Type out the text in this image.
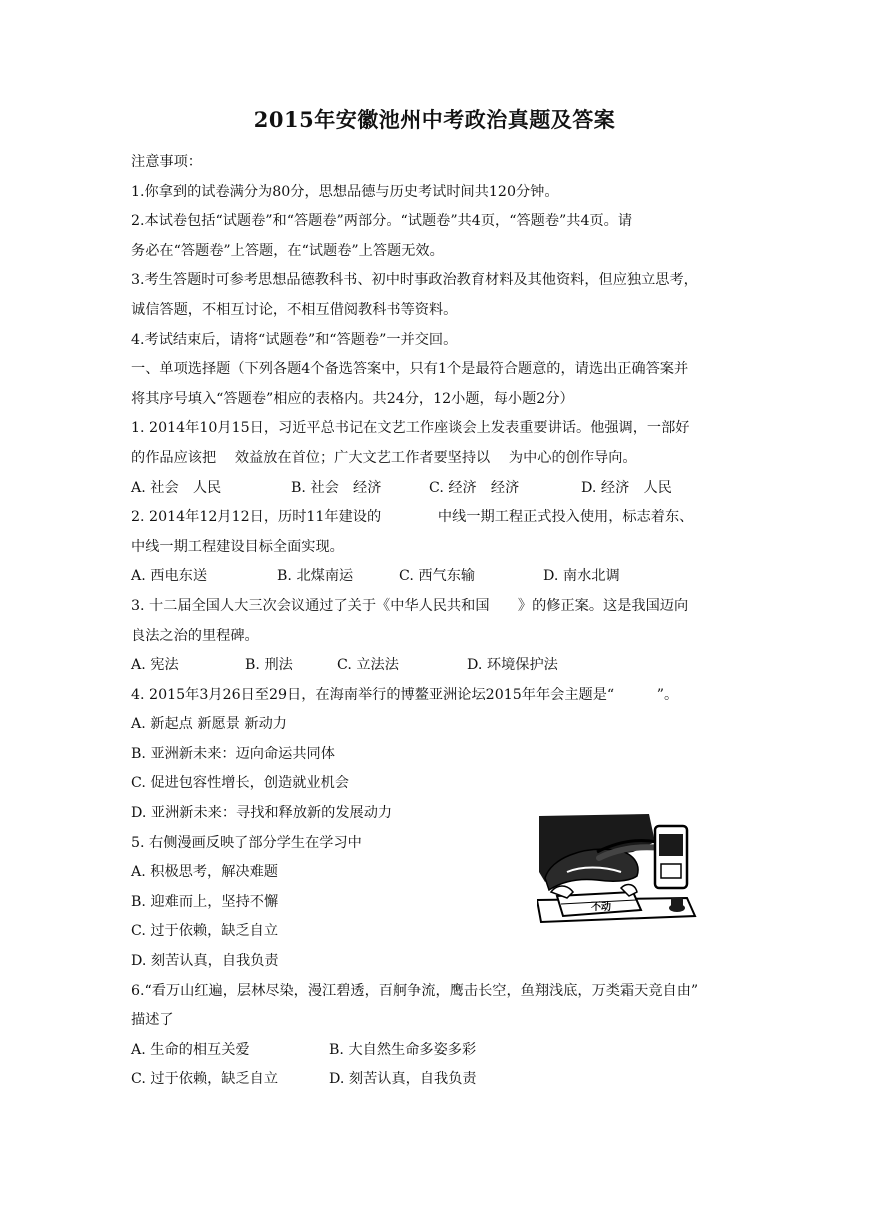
2015年安徽池州中考政治真题及答案
注意事项：
1.你拿到的试卷满分为80分，思想品德与历史考试时间共120分钟。
2.本试卷包括“试题卷”和“答题卷”两部分。“试题卷”共4页，“答题卷”共4页。请
务必在“答题卷”上答题，在“试题卷”上答题无效。
3.考生答题时可参考思想品德教科书、初中时事政治教育材料及其他资料，但应独立思考，
诚信答题，不相互讨论，不相互借阅教科书等资料。
4.考试结束后，请将“试题卷”和“答题卷”一并交回。
一、单项选择题（下列各题4个备选答案中，只有1个是最符合题意的，请选出正确答案并
将其序号填入“答题卷”相应的表格内。共24分，12小题，每小题2分）
1. 2014年10月15日，习近平总书记在文艺工作座谈会上发表重要讲话。他强调，一部好
的作品应该把　 效益放在首位；广大文艺工作者要坚持以　 为中心的创作导向。
A. 社会　人民	B. 社会　经济	C. 经济　经济	D. 经济　人民
2. 2014年12月12日，历时11年建设的　　　　中线一期工程正式投入使用，标志着东、
中线一期工程建设目标全面实现。
A. 西电东送	B. 北煤南运	C. 西气东输	D. 南水北调
3. 十二届全国人大三次会议通过了关于《中华人民共和国　　》的修正案。这是我国迈向
良法之治的里程碑。
A. 宪法	B. 刑法	C. 立法法	D. 环境保护法
4. 2015年3月26日至29日，在海南举行的博鳌亚洲论坛2015年年会主题是“　　　”。
A. 新起点 新愿景 新动力
B. 亚洲新未来：迈向命运共同体
C. 促进包容性增长，创造就业机会
D. 亚洲新未来：寻找和释放新的发展动力
5. 右侧漫画反映了部分学生在学习中
A. 积极思考，解决难题
B. 迎难而上，坚持不懈
C. 过于依赖，缺乏自立
D. 刻苦认真，自我负责
6.“看万山红遍，层林尽染，漫江碧透，百舸争流，鹰击长空，鱼翔浅底，万类霜天竞自由”
描述了
A. 生命的相互关爱	B. 大自然生命多姿多彩
C. 过于依赖，缺乏自立	D. 刻苦认真，自我负责
不动
